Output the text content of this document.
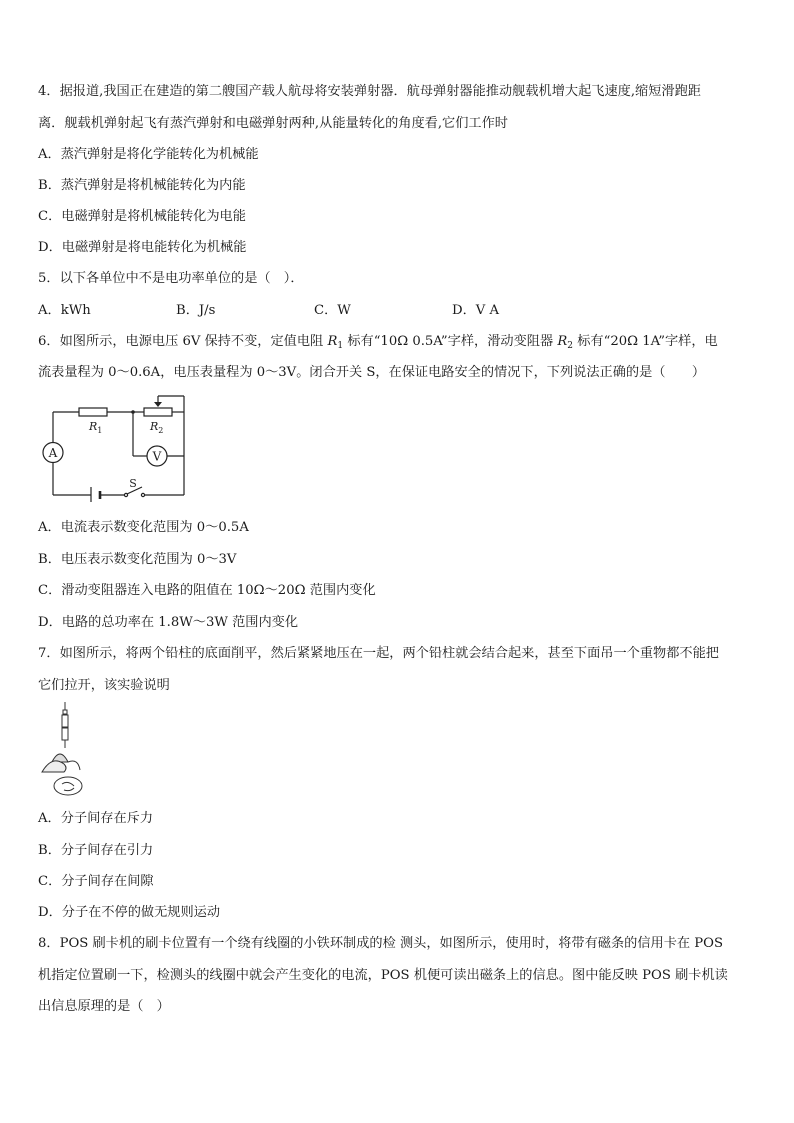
4．据报道,我国正在建造的第二艘国产载人航母将安装弹射器．航母弹射器能推动舰载机增大起飞速度,缩短滑跑距
离．舰载机弹射起飞有蒸汽弹射和电磁弹射两种,从能量转化的角度看,它们工作时
A．蒸汽弹射是将化学能转化为机械能
B．蒸汽弹射是将机械能转化为内能
C．电磁弹射是将机械能转化为电能
D．电磁弹射是将电能转化为机械能
5．以下各单位中不是电功率单位的是（　）．
A．kWh	B．J/s	C．W	D．V A
6．如图所示，电源电压 6V 保持不变，定值电阻 $R_1$ 标有“10Ω 0.5A”字样，滑动变阻器 $R_2$ 标有“20Ω 1A”字样，电
流表量程为 0～0.6A，电压表量程为 0～3V。闭合开关 S，在保证电路安全的情况下，下列说法正确的是（　　）
A	V
S
$R_1$	$R_2$
A．电流表示数变化范围为 0～0.5A
B．电压表示数变化范围为 0～3V
C．滑动变阻器连入电路的阻值在 10Ω～20Ω 范围内变化
D．电路的总功率在 1.8W～3W 范围内变化
7．如图所示，将两个铅柱的底面削平，然后紧紧地压在一起，两个铅柱就会结合起来，甚至下面吊一个重物都不能把
它们拉开，该实验说明
A．分子间存在斥力
B．分子间存在引力
C．分子间存在间隙
D．分子在不停的做无规则运动
8．POS 刷卡机的刷卡位置有一个绕有线圈的小铁环制成的检 测头，如图所示，使用时，将带有磁条的信用卡在 POS
机指定位置刷一下，检测头的线圈中就会产生变化的电流，POS 机便可读出磁条上的信息。图中能反映 POS 刷卡机读
出信息原理的是（　）
